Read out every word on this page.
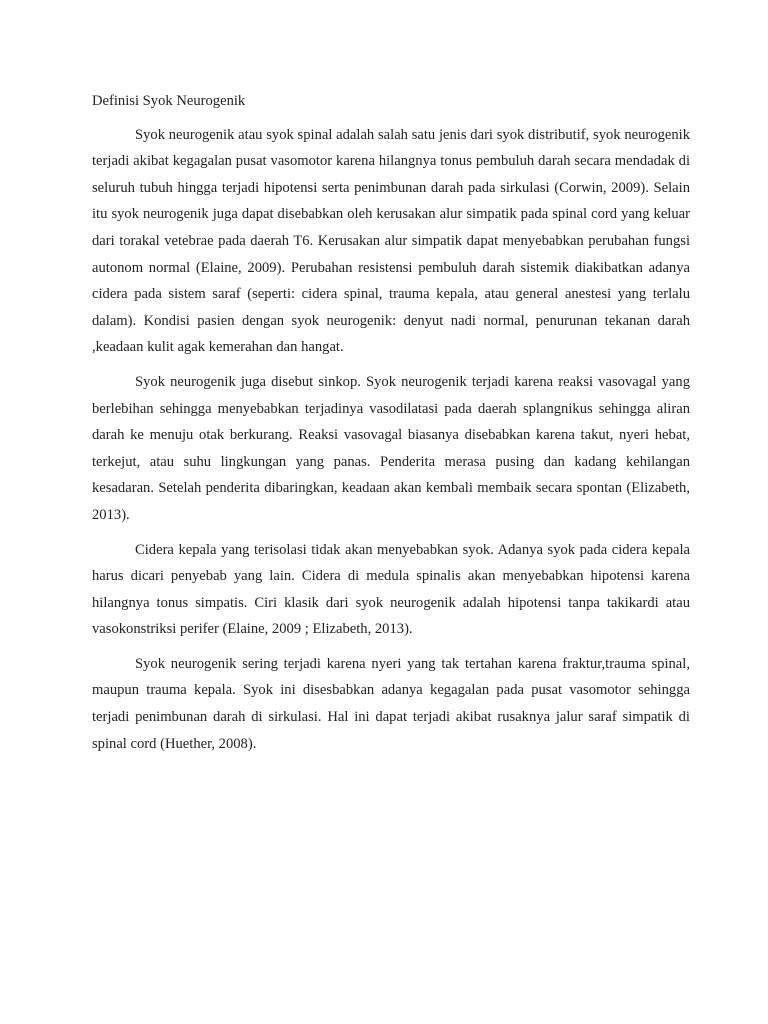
Definisi Syok Neurogenik

Syok neurogenik atau syok spinal adalah salah satu jenis dari syok distributif, syok neurogenik terjadi akibat kegagalan pusat vasomotor karena hilangnya tonus pembuluh darah secara mendadak di seluruh tubuh hingga terjadi hipotensi serta penimbunan darah pada sirkulasi (Corwin, 2009). Selain itu syok neurogenik juga dapat disebabkan oleh kerusakan alur simpatik pada spinal cord yang keluar dari torakal vetebrae pada daerah T6. Kerusakan alur simpatik dapat menyebabkan perubahan fungsi autonom normal (Elaine, 2009). Perubahan resistensi pembuluh darah sistemik diakibatkan adanya cidera pada sistem saraf (seperti: cidera spinal, trauma kepala, atau general anestesi yang terlalu dalam). Kondisi pasien dengan syok neurogenik: denyut nadi normal, penurunan tekanan darah ,keadaan kulit agak kemerahan dan hangat.

Syok neurogenik juga disebut sinkop. Syok neurogenik terjadi karena reaksi vasovagal yang berlebihan sehingga menyebabkan terjadinya vasodilatasi pada daerah splangnikus sehingga aliran darah ke menuju otak berkurang. Reaksi vasovagal biasanya disebabkan karena takut, nyeri hebat, terkejut, atau suhu lingkungan yang panas. Penderita merasa pusing dan kadang kehilangan kesadaran. Setelah penderita dibaringkan, keadaan akan kembali membaik secara spontan (Elizabeth, 2013).

Cidera kepala yang terisolasi tidak akan menyebabkan syok. Adanya syok pada cidera kepala harus dicari penyebab yang lain. Cidera di medula spinalis akan menyebabkan hipotensi karena hilangnya tonus simpatis. Ciri klasik dari syok neurogenik adalah hipotensi tanpa takikardi atau vasokonstriksi perifer (Elaine, 2009 ; Elizabeth, 2013).

Syok neurogenik sering terjadi karena nyeri yang tak tertahan karena fraktur,trauma spinal, maupun trauma kepala. Syok ini disesbabkan adanya kegagalan pada pusat vasomotor sehingga terjadi penimbunan darah di sirkulasi. Hal ini dapat terjadi akibat rusaknya jalur saraf simpatik di spinal cord (Huether, 2008).
